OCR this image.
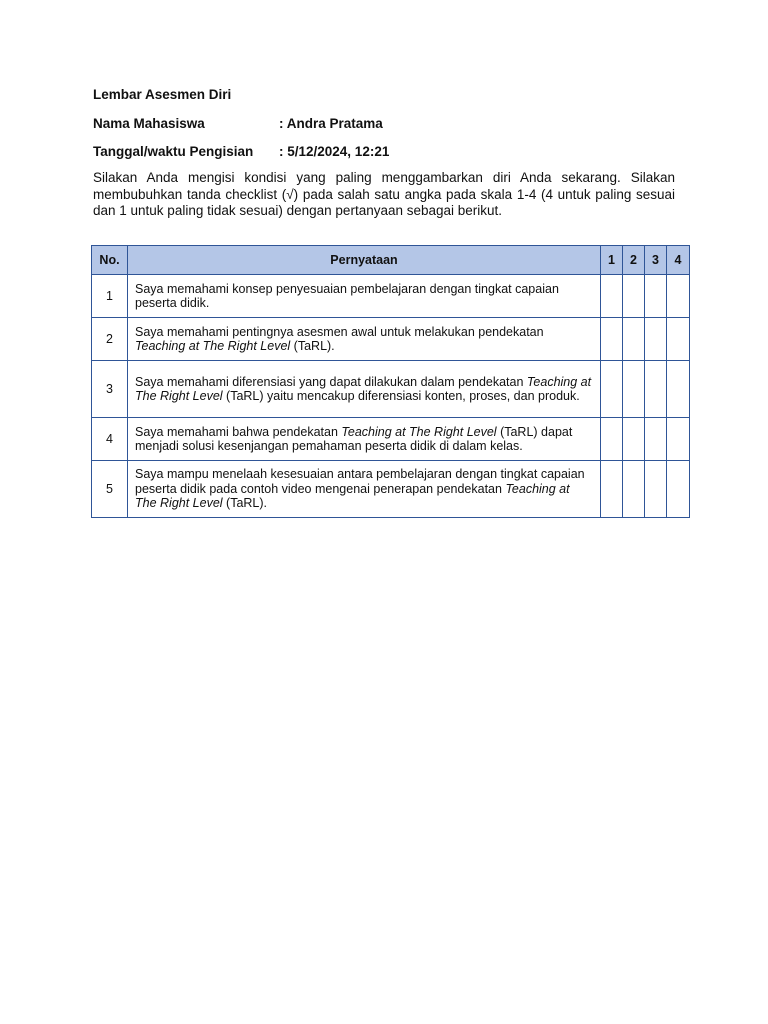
Lembar Asesmen Diri

Nama Mahasiswa	: Andra Pratama
Tanggal/waktu Pengisian	: 5/12/2024, 12:21

Silakan Anda mengisi kondisi yang paling menggambarkan diri Anda sekarang. Silakan membubuhkan tanda checklist (√) pada salah satu angka pada skala 1-4 (4 untuk paling sesuai dan 1 untuk paling tidak sesuai) dengan pertanyaan sebagai berikut.

No.	Pernyataan	1	2	3	4
1	Saya memahami konsep penyesuaian pembelajaran dengan tingkat capaian peserta didik.				
2	Saya memahami pentingnya asesmen awal untuk melakukan pendekatan Teaching at The Right Level (TaRL).				
3	Saya memahami diferensiasi yang dapat dilakukan dalam pendekatan Teaching at The Right Level (TaRL) yaitu mencakup diferensiasi konten, proses, dan produk.				
4	Saya memahami bahwa pendekatan Teaching at The Right Level (TaRL) dapat menjadi solusi kesenjangan pemahaman peserta didik di dalam kelas.				
5	Saya mampu menelaah kesesuaian antara pembelajaran dengan tingkat capaian peserta didik pada contoh video mengenai penerapan pendekatan Teaching at The Right Level (TaRL).				
